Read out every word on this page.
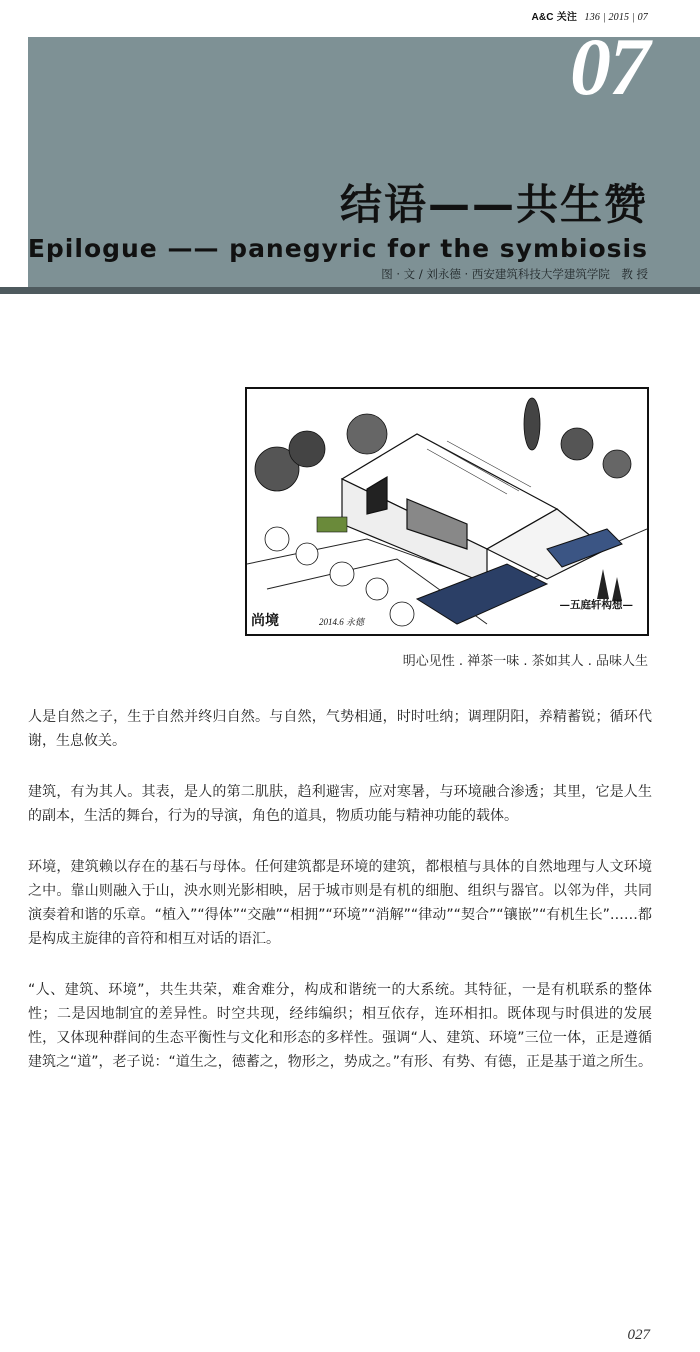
A&C 关注 136 | 2015 | 07
07
结语——共生赞
Epilogue —— panegyric for the symbiosis
图 · 文 / 刘永德 · 西安建筑科技大学建筑学院　教 授
尚境	2014.6 永德
—五庭轩构想—
明心见性 . 禅茶一味 . 茶如其人 . 品味人生

人是自然之子，生于自然并终归自然。与自然，气势相通，时时吐纳；调理阴阳，养精蓄锐；循环代谢，生息攸关。

建筑，有为其人。其表，是人的第二肌肤，趋利避害，应对寒暑，与环境融合渗透；其里，它是人生的副本，生活的舞台，行为的导演，角色的道具，物质功能与精神功能的载体。

环境，建筑赖以存在的基石与母体。任何建筑都是环境的建筑，都根植与具体的自然地理与人文环境之中。靠山则融入于山，泱水则光影相映，居于城市则是有机的细胞、组织与器官。以邻为伴，共同演奏着和谐的乐章。“植入”“得体”“交融”“相拥”“环境”“消解”“律动”“契合”“镶嵌”“有机生长”……都是构成主旋律的音符和相互对话的语汇。

“人、建筑、环境”，共生共荣，难舍难分，构成和谐统一的大系统。其特征，一是有机联系的整体性；二是因地制宜的差异性。时空共现，经纬编织；相互依存，连环相扣。既体现与时俱进的发展性，又体现种群间的生态平衡性与文化和形态的多样性。强调“人、建筑、环境”三位一体，正是遵循建筑之“道”，老子说：“道生之，德蓄之，物形之，势成之。”有形、有势、有德，正是基于道之所生。

027
